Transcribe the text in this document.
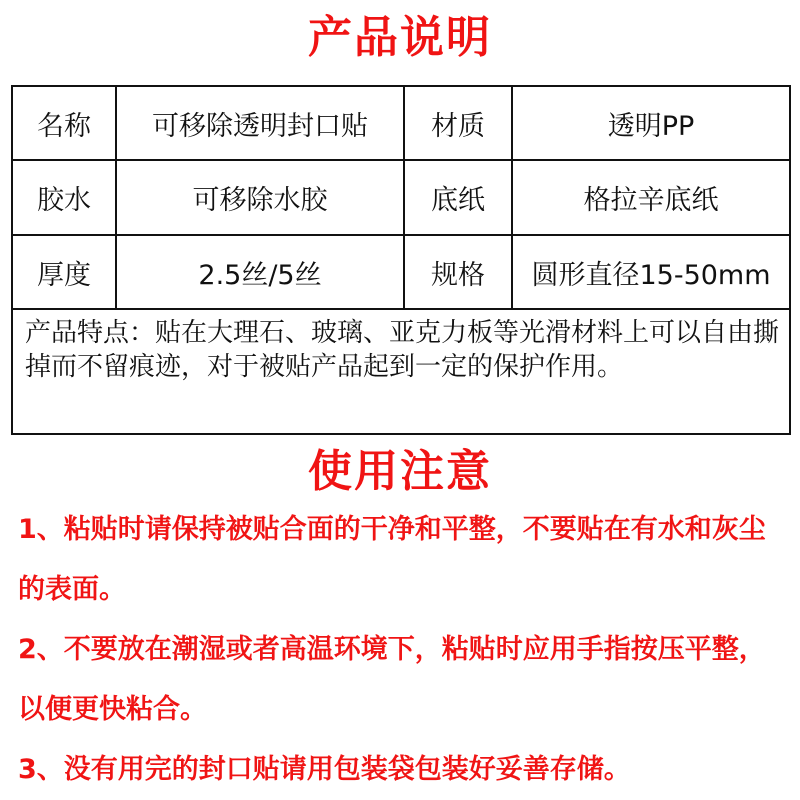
产品说明
名称	可移除透明封口贴	材质	透明PP
胶水	可移除水胶	底纸	格拉辛底纸
厚度	2.5丝/5丝	规格	圆形直径15-50mm
产品特点：贴在大理石、玻璃、亚克力板等光滑材料上可以自由撕掉而不留痕迹，对于被贴产品起到一定的保护作用。			
使用注意
1、粘贴时请保持被贴合面的干净和平整，不要贴在有水和灰尘的表面。
2、不要放在潮湿或者高温环境下，粘贴时应用手指按压平整，以便更快粘合。
3、没有用完的封口贴请用包装袋包装好妥善存储。
